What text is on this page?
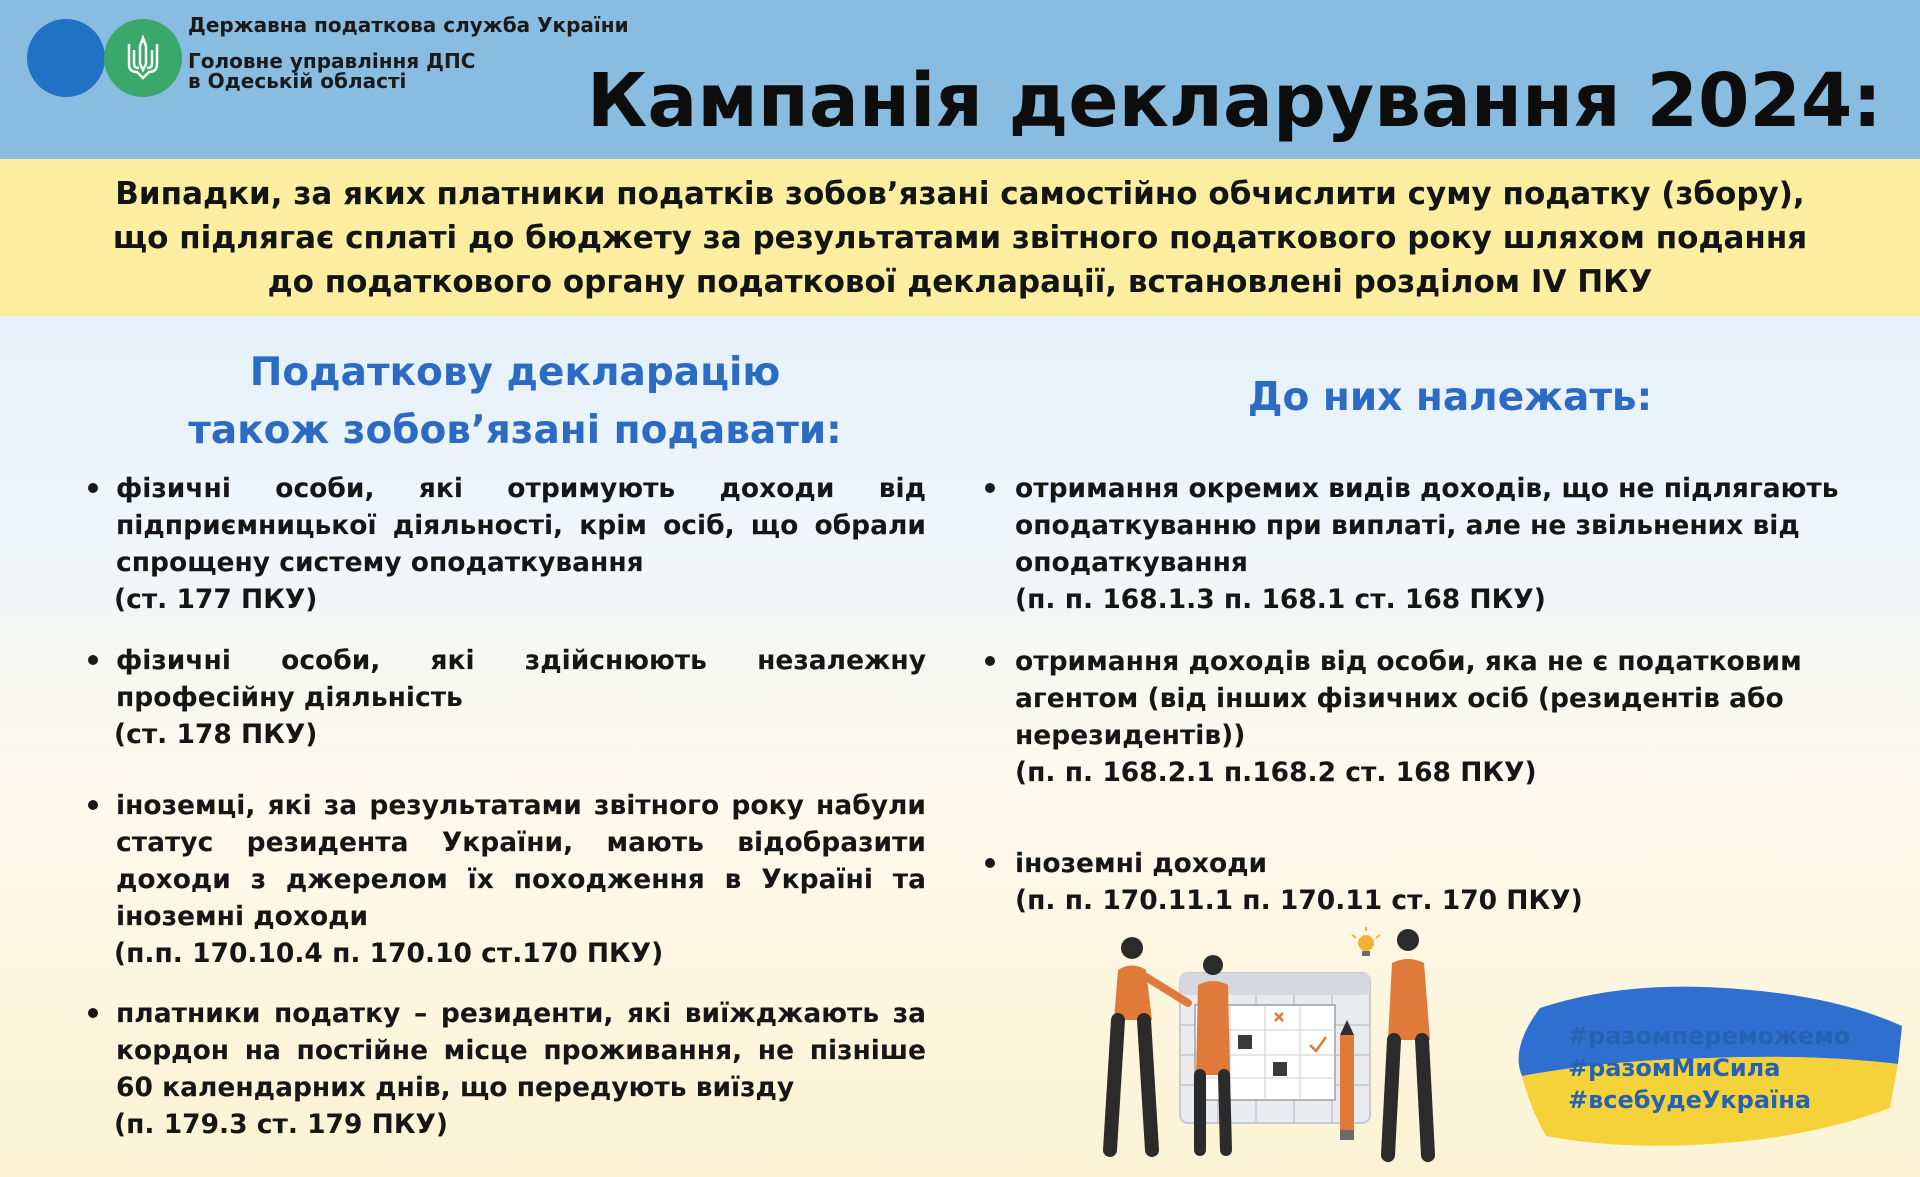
Державна податкова служба України
Головне управління ДПС
в Одеській області	Кампанія декларування 2024:
Випадки, за яких платники податків зобов’язані самостійно обчислити суму податку (збору),
що підлягає сплаті до бюджету за результатами звітного податкового року шляхом подання
до податкового органу податкової декларації, встановлені розділом IV ПКУ
Податкову декларацію
також зобов’язані подавати:
До них належать:
фізичні особи, які отримують доходи від підприємницької діяльності, крім осіб, що обрали спрощену систему оподаткування
(ст. 177 ПКУ)
фізичні особи, які здійснюють незалежну професійну діяльність
(ст. 178 ПКУ)
іноземці, які за результатами звітного року набули статус резидента України, мають відобразити доходи з джерелом їх походження в Україні та іноземні доходи
(п.п. 170.10.4 п. 170.10 ст.170 ПКУ)
платники податку – резиденти, які виїжджають за кордон на постійне місце проживання, не пізніше 60 календарних днів, що передують виїзду
(п. 179.3 ст. 179 ПКУ)
отримання окремих видів доходів, що не підлягають оподаткуванню при виплаті, але не звільнених від оподаткування
(п. п. 168.1.3 п. 168.1 ст. 168 ПКУ)
отримання доходів від особи, яка не є податковим агентом (від інших фізичних осіб (резидентів або нерезидентів))
(п. п. 168.2.1 п.168.2 ст. 168 ПКУ)
іноземні доходи
(п. п. 170.11.1 п. 170.11 ст. 170 ПКУ)
#разомпереможемо
#разомМиСила
#всебудеУкраїна
